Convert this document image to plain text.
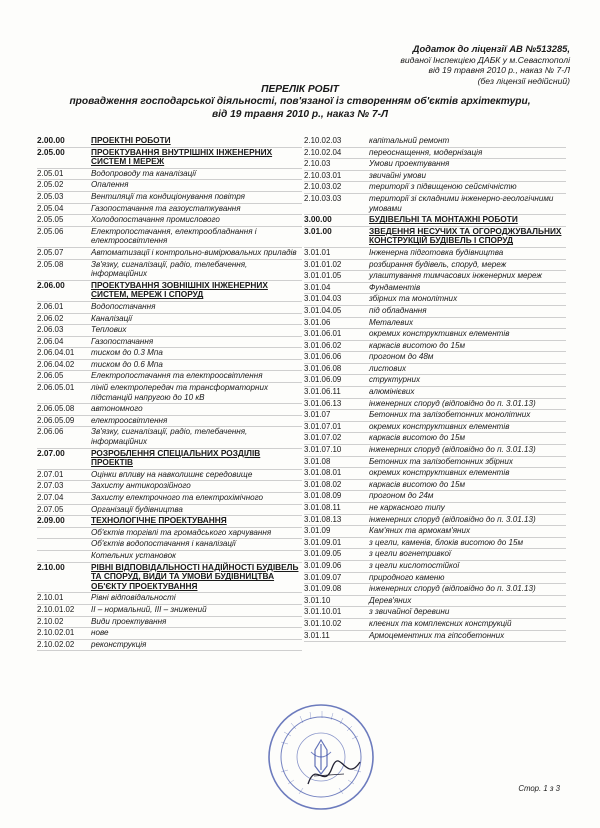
Додаток до ліцензії АВ №513285,
виданої Інспекцією ДАБК у м.Севастополі
від 19 травня 2010 р., наказ № 7-Л
(без ліцензії недійсний)
ПЕРЕЛІК РОБІТ
провадження господарської діяльності, пов'язаної із створенням об'єктів архітектури,
від 19 травня 2010 р., наказ № 7-Л
2.00.00	ПРОЕКТНІ РОБОТИ
2.05.00	ПРОЕКТУВАННЯ ВНУТРІШНІХ ІНЖЕНЕРНИХ СИСТЕМ І МЕРЕЖ
2.05.01	Водопроводу та каналізації
2.05.02	Опалення
2.05.03	Вентиляції та кондиціонування повітря
2.05.04	Газопостачання та газоустаткування
2.05.05	Холодопостачання промислового
2.05.06	Електропостачання, електрообладнання і електроосвітлення
2.05.07	Автоматизації і контрольно-вимірювальних приладів
2.05.08	Зв'язку, сигналізації, радіо, телебачення, інформаційних
2.06.00	ПРОЕКТУВАННЯ ЗОВНІШНІХ ІНЖЕНЕРНИХ СИСТЕМ, МЕРЕЖ І СПОРУД
2.06.01	Водопостачання
2.06.02	Каналізації
2.06.03	Теплових
2.06.04	Газопостачання
2.06.04.01	тиском до 0.3 Мпа
2.06.04.02	тиском до 0.6 Мпа
2.06.05	Електропостачання та електроосвітлення
2.06.05.01	ліній електропередач та трансформаторних підстанцій напругою до 10 кВ
2.06.05.08	автономного
2.06.05.09	електроосвітлення
2.06.06	Зв'язку, сигналізації, радіо, телебачення, інформаційних
2.07.00	РОЗРОБЛЕННЯ СПЕЦІАЛЬНИХ РОЗДІЛІВ ПРОЕКТІВ
2.07.01	Оцінки впливу на навколишнє середовище
2.07.03	Захисту антикорозійного
2.07.04	Захисту електрочного та електрохімічного
2.07.05	Організації будівництва
2.09.00	ТЕХНОЛОГІЧНЕ ПРОЕКТУВАННЯ
Об'єктів торгівлі та громадського харчування
Об'єктів водопостачання і каналізації
Котельних установок
2.10.00	РІВНІ ВІДПОВІДАЛЬНОСТІ НАДІЙНОСТІ БУДІВЕЛЬ ТА СПОРУД, ВИДИ ТА УМОВИ БУДІВНИЦТВА ОБ'ЄКТУ ПРОЕКТУВАННЯ
2.10.01	Рівні відповідальності
2.10.01.02	ІІ – нормальний, ІІІ – знижений
2.10.02	Види проектування
2.10.02.01	нове
2.10.02.02	реконструкція
2.10.02.03	капітальний ремонт
2.10.02.04	переоснащення, модернізація
2.10.03	Умови проектування
2.10.03.01	звичайні умови
2.10.03.02	території з підвищеною сейсмічністю
2.10.03.03	території зі складними інженерно-геологічними умовами
3.00.00	БУДІВЕЛЬНІ ТА МОНТАЖНІ РОБОТИ
3.01.00	ЗВЕДЕННЯ НЕСУЧИХ ТА ОГОРОДЖУВАЛЬНИХ КОНСТРУКЦІЙ БУДІВЕЛЬ І СПОРУД
3.01.01	Інженерна підготовка будівництва
3.01.01.02	розбирання будівель, споруд, мереж
3.01.01.05	улаштування тимчасових інженерних мереж
3.01.04	Фундаментів
3.01.04.03	збірних та монолітних
3.01.04.05	під обладнання
3.01.06	Металевих
3.01.06.01	окремих конструктивних елементів
3.01.06.02	каркасів висотою до 15м
3.01.06.06	прогоном до 48м
3.01.06.08	листових
3.01.06.09	структурних
3.01.06.11	алюмінієвих
3.01.06.13	інженерних споруд (відповідно до п. 3.01.13)
3.01.07	Бетонних та залізобетонних монолітних
3.01.07.01	окремих конструктивних елементів
3.01.07.02	каркасів висотою до 15м
3.01.07.10	інженерних споруд (відповідно до п. 3.01.13)
3.01.08	Бетонних та залізобетонних збірних
3.01.08.01	окремих конструктивних елементів
3.01.08.02	каркасів висотою до 15м
3.01.08.09	прогоном до 24м
3.01.08.11	не каркасного типу
3.01.08.13	інженерних споруд (відповідно до п. 3.01.13)
3.01.09	Кам'яних та армокам'яних
3.01.09.01	з цегли, каменів, блоків висотою до 15м
3.01.09.05	з цегли вогнетривкої
3.01.09.06	з цегли кислотостійкої
3.01.09.07	природного каменю
3.01.09.08	інженерних споруд (відповідно до п. 3.01.13)
3.01.10	Дерев'яних
3.01.10.01	з звичайної деревини
3.01.10.02	клеєних та комплексних конструкцій
3.01.11	Армоцементних та гіпсобетонних
Стор. 1 з 3
